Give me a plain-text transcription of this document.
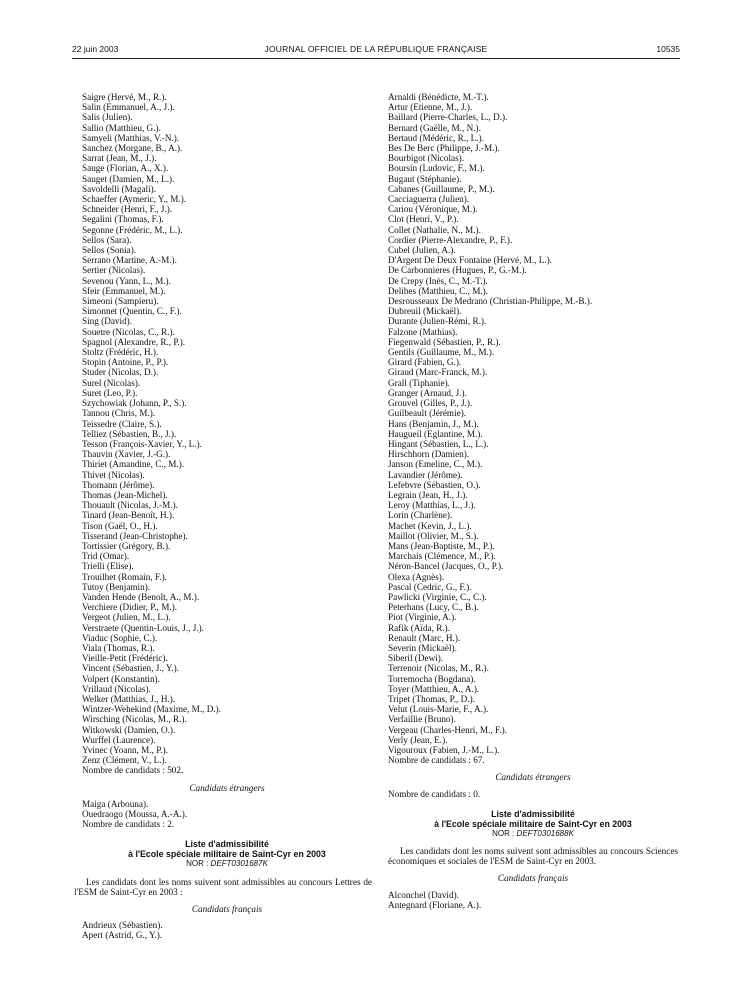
22 juin 2003	JOURNAL OFFICIEL DE LA RÉPUBLIQUE FRANÇAISE	10535
Saigre (Hervé, M., R.).
Salin (Emmanuel, A., J.).
Salis (Julien).
Sallio (Matthieu, G.).
Samyeli (Matthias, V.-N.).
Sanchez (Morgane, B., A.).
Sarrat (Jean, M., J.).
Sauge (Florian, A., X.).
Sauget (Damien, M., L.).
Savoldelli (Magali).
Schaeffer (Aymeric, Y., M.).
Schneider (Henri, F., J.).
Segalini (Thomas, F.).
Segonne (Frédéric, M., L.).
Sellos (Sara).
Sellos (Sonia).
Serrano (Martine, A.-M.).
Sertier (Nicolas).
Sevenou (Yann, L., M.).
Sfeir (Emmanuel, M.).
Simeoni (Sampieru).
Simonnet (Quentin, C., F.).
Sing (David).
Souetre (Nicolas, C., R.).
Spagnol (Alexandre, R., P.).
Stoltz (Frédéric, H.).
Stopin (Antoine, P., P.).
Studer (Nicolas, D.).
Surel (Nicolas).
Suret (Leo, P.).
Szychowiak (Johann, P., S.).
Tannou (Chris, M.).
Teissedre (Claire, S.).
Telliez (Sébastien, B., J.).
Tesson (François-Xavier, Y., L.).
Thauvin (Xavier, J.-G.).
Thiriet (Amandine, C., M.).
Thivet (Nicolas).
Thomann (Jérôme).
Thomas (Jean-Michel).
Thouault (Nicolas, J.-M.).
Tinard (Jean-Benoît, H.).
Tison (Gaël, O., H.).
Tisserand (Jean-Christophe).
Tortissier (Grégory, B.).
Trid (Omar).
Trielli (Elise).
Trouilhet (Romain, F.).
Tutoy (Benjamin).
Vanden Hende (Benoît, A., M.).
Verchiere (Didier, P., M.).
Vergeot (Julien, M., L.).
Verstraete (Quentin-Louis, J., J.).
Viaduc (Sophie, C.).
Viala (Thomas, R.).
Vieille-Petit (Frédéric).
Vincent (Sébastien, J., Y.).
Volpert (Konstantin).
Vrillaud (Nicolas).
Welker (Matthias, J., H.).
Wintzer-Wehekind (Maxime, M., D.).
Wirsching (Nicolas, M., R.).
Witkowski (Damien, O.).
Wurffel (Laurence).
Yvinec (Yoann, M., P.).
Zenz (Clément, V., L.).
Nombre de candidats : 502.
Candidats étrangers
Maiga (Arbouna).
Ouedraogo (Moussa, A.-A.).
Nombre de candidats : 2.
Liste d'admissibilité
à l'Ecole spéciale militaire de Saint-Cyr en 2003
NOR : DEFT0301687K
Les candidats dont les noms suivent sont admissibles au concours Lettres de l'ESM de Saint-Cyr en 2003 :
Candidats français
Andrieux (Sébastien).
Apert (Astrid, G., Y.).
Arnaldi (Bénédicte, M.-T.).
Artur (Etienne, M., J.).
Baillard (Pierre-Charles, L., D.).
Bernard (Gaëlle, M., N.).
Bertaud (Médéric, R., L.).
Bes De Berc (Philippe, J.-M.).
Bourbigot (Nicolas).
Boursin (Ludovic, F., M.).
Bugaut (Stéphanie).
Cabanes (Guillaume, P., M.).
Cacciaguerra (Julien).
Cariou (Véronique, M.).
Clot (Henri, V., P.).
Collet (Nathalie, N., M.).
Cordier (Pierre-Alexandre, P., F.).
Cubel (Julien, A.).
D'Argent De Deux Fontaine (Hervé, M., L.).
De Carbonnieres (Hugues, P., G.-M.).
De Crepy (Inès, C., M.-T.).
Delibes (Matthieu, C., M.).
Desrousseaux De Medrano (Christian-Philippe, M.-B.).
Dubreuil (Mickaël).
Durante (Julien-Rémi, R.).
Falzone (Mathias).
Fiegenwald (Sébastien, P., R.).
Gentils (Guillaume, M., M.).
Girard (Fabien, G.).
Giraud (Marc-Franck, M.).
Grall (Tiphanie).
Granger (Arnaud, J.).
Grouvel (Gilles, P., J.).
Guilbeault (Jérémie).
Hans (Benjamin, J., M.).
Haugueil (Eglantine, M.).
Hingant (Sébastien, L., L.).
Hirschhorn (Damien).
Janson (Emeline, C., M.).
Lavandier (Jérôme).
Lefebvre (Sébastien, O.).
Legrain (Jean, H., J.).
Leroy (Matthias, L., J.).
Lorin (Charlène).
Machet (Kevin, J., L.).
Maillot (Olivier, M., S.).
Mans (Jean-Baptiste, M., P.).
Marchais (Clémence, M., P.).
Néron-Bancel (Jacques, O., P.).
Olexa (Agnès).
Pascal (Cedric, G., F.).
Pawlicki (Virginie, C., C.).
Peterhans (Lucy, C., B.).
Piot (Virginie, A.).
Rafik (Aïda, R.).
Renault (Marc, H.).
Severin (Mickaël).
Siberil (Dewi).
Terrenoir (Nicolas, M., R.).
Torremocha (Bogdana).
Toyer (Matthieu, A., A.).
Tripet (Thomas, P., D.).
Velut (Louis-Marie, F., A.).
Verfaillie (Bruno).
Vergeau (Charles-Henri, M., F.).
Verly (Jean, E.).
Vigouroux (Fabien, J.-M., L.).
Nombre de candidats : 67.
Candidats étrangers
Nombre de candidats : 0.
Liste d'admissibilité
à l'Ecole spéciale militaire de Saint-Cyr en 2003
NOR : DEFT0301688K
Les candidats dont les noms suivent sont admissibles au concours Sciences économiques et sociales de l'ESM de Saint-Cyr en 2003.
Candidats français
Alconchel (David).
Antegnard (Floriane, A.).
